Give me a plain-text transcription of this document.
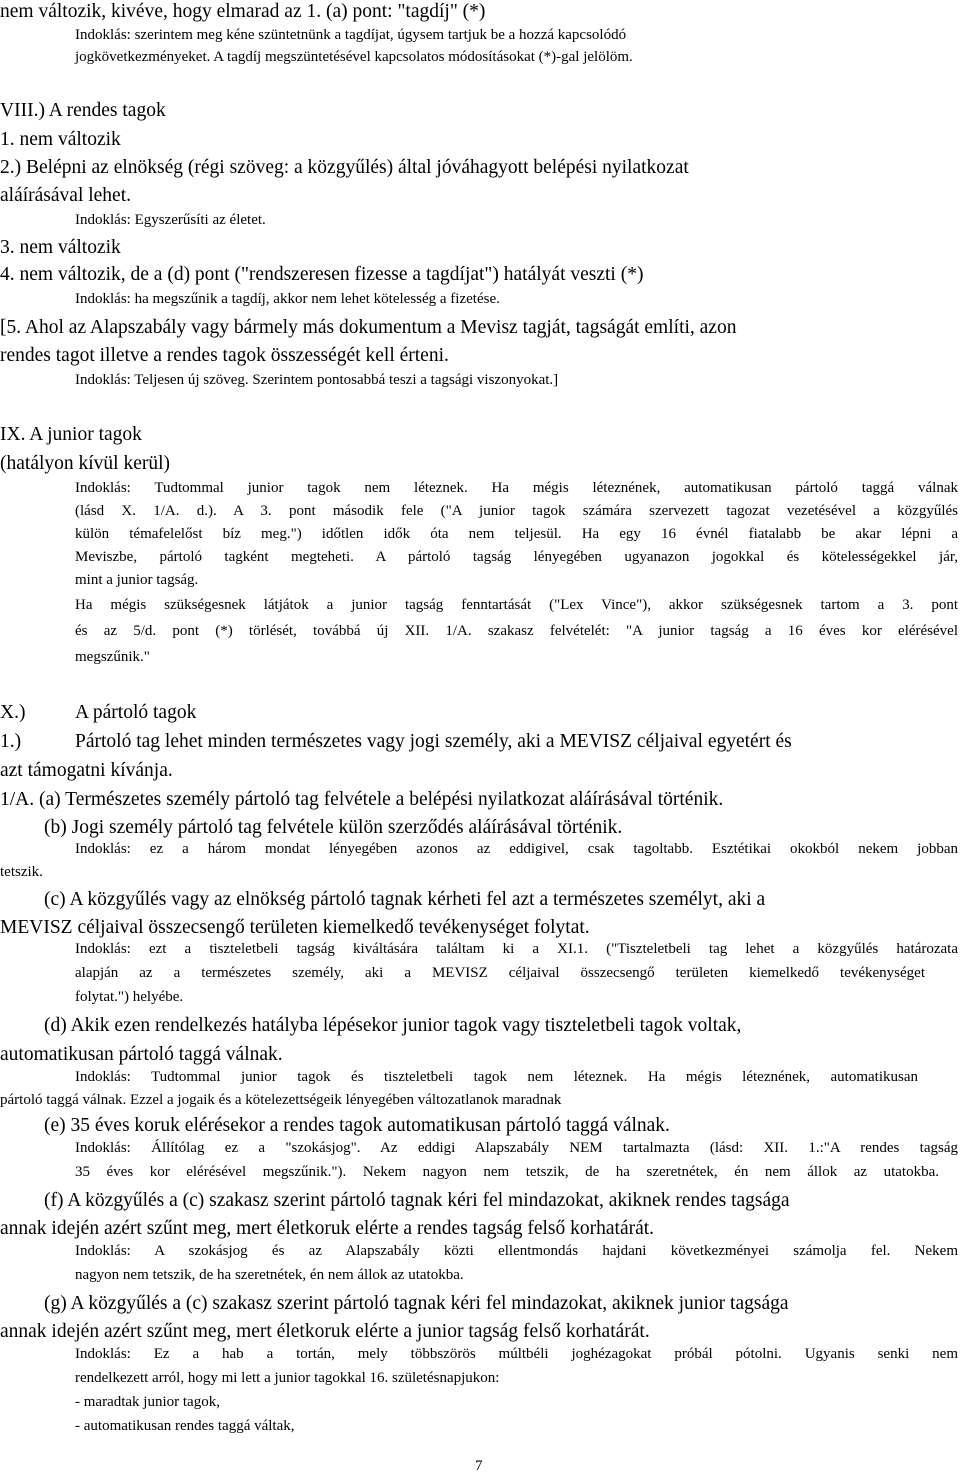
nem változik, kivéve, hogy elmarad az 1. (a) pont: "tagdíj" (*)
Indoklás: szerintem meg kéne szüntetnünk a tagdíjat, úgysem tartjuk be a hozzá kapcsolódó
jogkövetkezményeket. A tagdíj megszüntetésével kapcsolatos módosításokat (*)-gal jelölöm.
VIII.) A rendes tagok
1. nem változik
2.) Belépni az elnökség (régi szöveg: a közgyűlés) által jóváhagyott belépési nyilatkozat
aláírásával lehet.
Indoklás: Egyszerűsíti az életet.
3. nem változik
4. nem változik, de a (d) pont ("rendszeresen fizesse a tagdíjat") hatályát veszti (*)
Indoklás: ha megszűnik a tagdíj, akkor nem lehet kötelesség a fizetése.
[5. Ahol az Alapszabály vagy bármely más dokumentum a Mevisz tagját, tagságát említi, azon
rendes tagot illetve a rendes tagok összességét kell érteni.
Indoklás: Teljesen új szöveg. Szerintem pontosabbá teszi a tagsági viszonyokat.]
IX. A junior tagok
(hatályon kívül kerül)
Indoklás: Tudtommal junior tagok nem léteznek. Ha mégis léteznének, automatikusan pártoló taggá válnak
(lásd X. 1/A. d.). A 3. pont második fele ("A junior tagok számára szervezett tagozat vezetésével a közgyűlés
külön témafelelőst bíz meg.") időtlen idők óta nem teljesül. Ha egy 16 évnél fiatalabb be akar lépni a
Meviszbe, pártoló tagként megteheti. A pártoló tagság lényegében ugyanazon jogokkal és kötelességekkel jár,
mint a junior tagság.
Ha mégis szükségesnek látjátok a junior tagság fenntartását ("Lex Vince"), akkor szükségesnek tartom a 3. pont
és az 5/d. pont (*) törlését, továbbá új XII. 1/A. szakasz felvételét: "A junior tagság a 16 éves kor elérésével
megszűnik."
X.)	A pártoló tagok
1.)	Pártoló tag lehet minden természetes vagy jogi személy, aki a MEVISZ céljaival egyetért és
azt támogatni kívánja.
1/A. (a) Természetes személy pártoló tag felvétele a belépési nyilatkozat aláírásával történik.
(b) Jogi személy pártoló tag felvétele külön szerződés aláírásával történik.
Indoklás: ez a három mondat lényegében azonos az eddigivel, csak tagoltabb. Esztétikai okokból nekem jobban
tetszik.
(c) A közgyűlés vagy az elnökség pártoló tagnak kérheti fel azt a természetes személyt, aki a
MEVISZ céljaival összecsengő területen kiemelkedő tevékenységet folytat.
Indoklás: ezt a tiszteletbeli tagság kiváltására találtam ki a XI.1. ("Tiszteletbeli tag lehet a közgyűlés határozata
alapján az a természetes személy, aki a MEVISZ céljaival összecsengő területen kiemelkedő tevékenységet
folytat.") helyébe.
(d) Akik ezen rendelkezés hatályba lépésekor junior tagok vagy tiszteletbeli tagok voltak,
automatikusan pártoló taggá válnak.
Indoklás: Tudtommal junior tagok és tiszteletbeli tagok nem léteznek. Ha mégis léteznének, automatikusan
pártoló taggá válnak. Ezzel a jogaik és a kötelezettségeik lényegében változatlanok maradnak
(e) 35 éves koruk elérésekor a rendes tagok automatikusan pártoló taggá válnak.
Indoklás: Állítólag ez a "szokásjog". Az eddigi Alapszabály NEM tartalmazta (lásd: XII. 1.:"A rendes tagság
35 éves kor elérésével megszűnik."). Nekem nagyon nem tetszik, de ha szeretnétek, én nem állok az utatokba.
(f) A közgyűlés a (c) szakasz szerint pártoló tagnak kéri fel mindazokat, akiknek rendes tagsága
annak idején azért szűnt meg, mert életkoruk elérte a rendes tagság felső korhatárát.
Indoklás: A szokásjog és az Alapszabály közti ellentmondás hajdani következményei számolja fel. Nekem
nagyon nem tetszik, de ha szeretnétek, én nem állok az utatokba.
(g) A közgyűlés a (c) szakasz szerint pártoló tagnak kéri fel mindazokat, akiknek junior tagsága
annak idején azért szűnt meg, mert életkoruk elérte a junior tagság felső korhatárát.
Indoklás: Ez a hab a tortán, mely többszörös múltbéli joghézagokat próbál pótolni. Ugyanis senki nem
rendelkezett arról, hogy mi lett a junior tagokkal 16. születésnapjukon:
- maradtak junior tagok,
- automatikusan rendes taggá váltak,
7
